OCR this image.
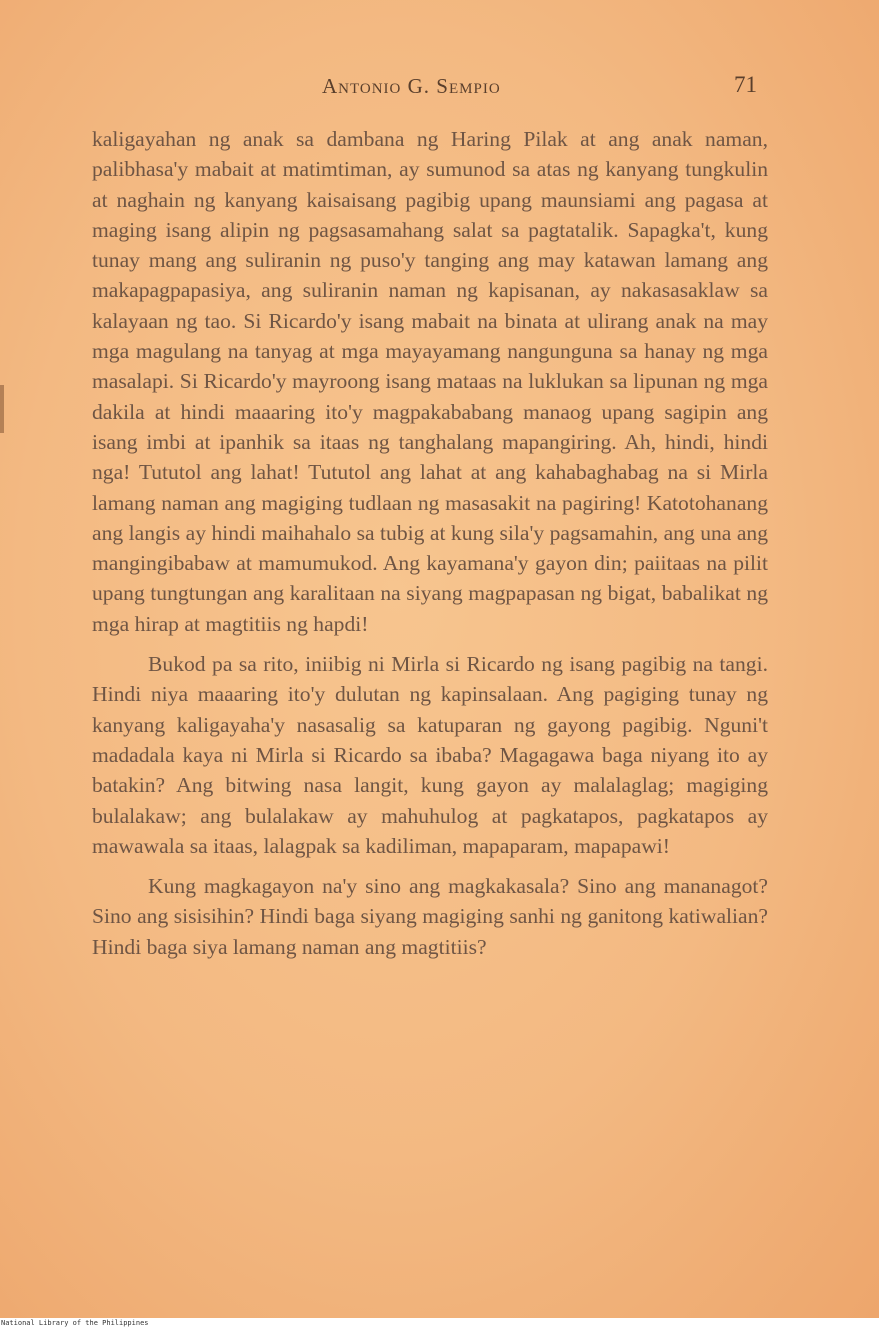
Antonio G. Sempio	71

kaligayahan ng anak sa dambana ng Haring Pilak at ang anak naman, palibhasa'y mabait at matimtiman, ay sumunod sa atas ng kanyang tungkulin at naghain ng kanyang kaisaisang pagibig upang maunsiami ang pagasa at maging isang alipin ng pagsasamahang salat sa pagtatalik. Sapagka't, kung tunay mang ang suliranin ng puso'y tanging ang may katawan lamang ang makapagpapasiya, ang suliranin naman ng kapisanan, ay nakasasaklaw sa kalayaan ng tao. Si Ricardo'y isang mabait na binata at ulirang anak na may mga magulang na tanyag at mga mayayamang nangunguna sa hanay ng mga masalapi. Si Ricardo'y mayroong isang mataas na luklukan sa lipunan ng mga dakila at hindi maaaring ito'y magpakababang manaog upang sagipin ang isang imbi at ipanhik sa itaas ng tanghalang mapangiring. Ah, hindi, hindi nga! Tututol ang lahat! Tututol ang lahat at ang kahabaghabag na si Mirla lamang naman ang magiging tudlaan ng masasakit na pagiring! Katotohanang ang langis ay hindi maihahalo sa tubig at kung sila'y pagsamahin, ang una ang mangingibabaw at mamumukod. Ang kayamana'y gayon din; paiitaas na pilit upang tungtungan ang karalitaan na siyang magpapasan ng bigat, babalikat ng mga hirap at magtitiis ng hapdi!

Bukod pa sa rito, iniibig ni Mirla si Ricardo ng isang pagibig na tangi. Hindi niya maaaring ito'y dulutan ng kapinsalaan. Ang pagiging tunay ng kanyang kaligayaha'y nasasalig sa katuparan ng gayong pagibig. Nguni't madadala kaya ni Mirla si Ricardo sa ibaba? Magagawa baga niyang ito ay batakin? Ang bitwing nasa langit, kung gayon ay malalaglag; magiging bulalakaw; ang bulalakaw ay mahuhulog at pagkatapos, pagkatapos ay mawawala sa itaas, lalagpak sa kadiliman, mapaparam, mapapawi!

Kung magkagayon na'y sino ang magkakasala? Sino ang mananagot? Sino ang sisisihin? Hindi baga siyang magiging sanhi ng ganitong katiwalian? Hindi baga siya lamang naman ang magtitiis?

National Library of the Philippines
